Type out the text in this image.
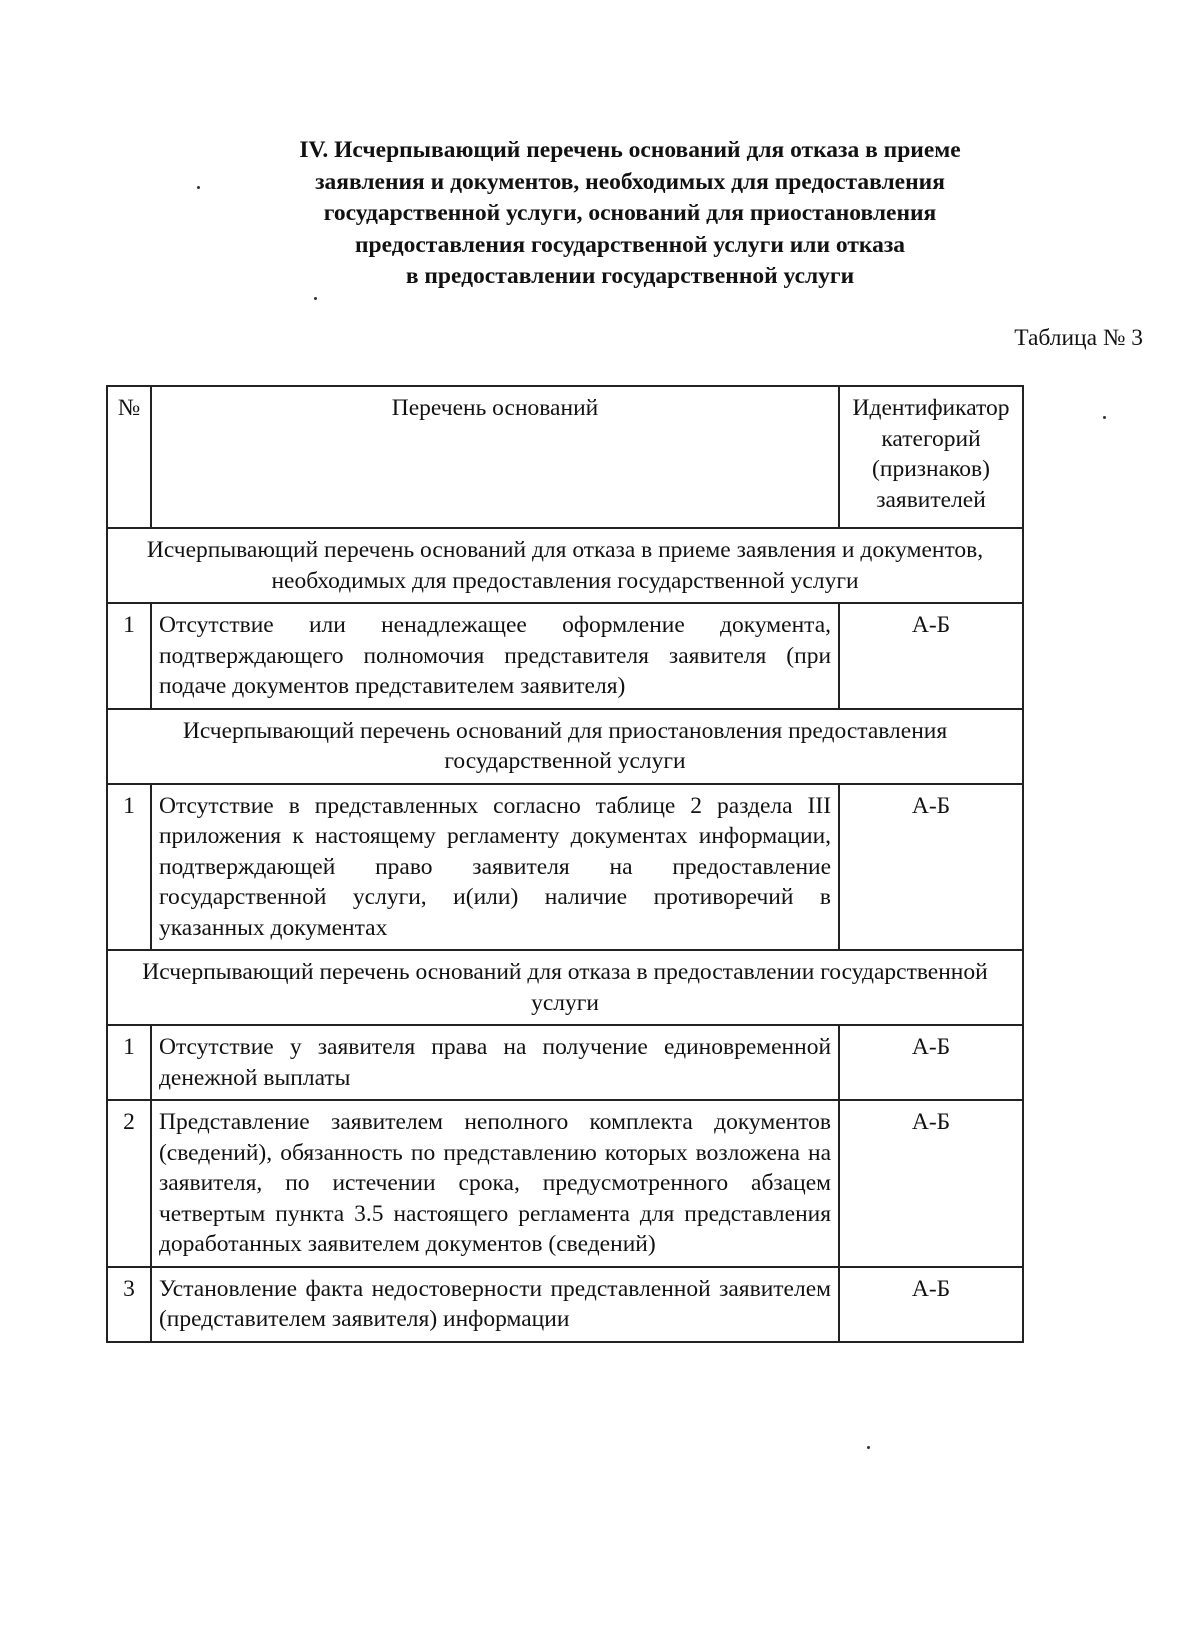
IV. Исчерпывающий перечень оснований для отказа в приеме
заявления и документов, необходимых для предоставления
государственной услуги, оснований для приостановления
предоставления государственной услуги или отказа
в предоставлении государственной услуги
Таблица № 3
№	Перечень оснований	Идентификатор категорий (признаков) заявителей
Исчерпывающий перечень оснований для отказа в приеме заявления и документов, необходимых для предоставления государственной услуги		
1	Отсутствие или ненадлежащее оформление документа, подтверждающего полномочия представителя заявителя (при подаче документов представителем заявителя)	А-Б
Исчерпывающий перечень оснований для приостановления предоставления государственной услуги		
1	Отсутствие в представленных согласно таблице 2 раздела III приложения к настоящему регламенту документах информации, подтверждающей право заявителя на предоставление государственной услуги, и(или) наличие противоречий в указанных документах	А-Б
Исчерпывающий перечень оснований для отказа в предоставлении государственной услуги		
1	Отсутствие у заявителя права на получение единовременной денежной выплаты	А-Б
2	Представление заявителем неполного комплекта документов (сведений), обязанность по представлению которых возложена на заявителя, по истечении срока, предусмотренного абзацем четвертым пункта 3.5 настоящего регламента для представления доработанных заявителем документов (сведений)	А-Б
3	Установление факта недостоверности представленной заявителем (представителем заявителя) информации	А-Б
